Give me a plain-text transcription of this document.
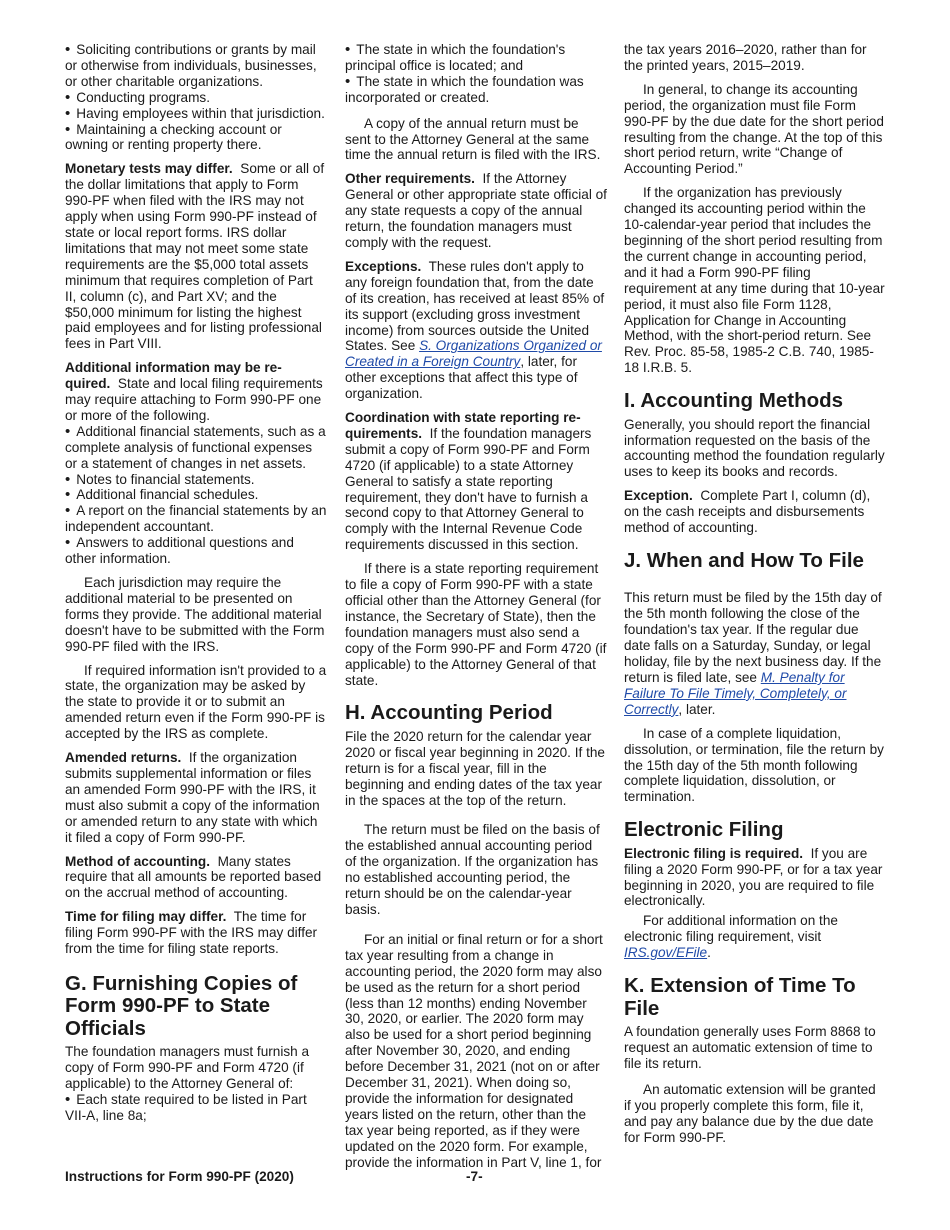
• Soliciting contributions or grants by mail or otherwise from individuals, businesses, or other charitable organizations.

• Conducting programs.

• Having employees within that jurisdiction.

• Maintaining a checking account or owning or renting property there.

Monetary tests may differ. Some or all of the dollar limitations that apply to Form 990-PF when filed with the IRS may not apply when using Form 990-PF instead of state or local report forms. IRS dollar limitations that may not meet some state requirements are the $5,000 total assets minimum that requires completion of Part II, column (c), and Part XV; and the $50,000 minimum for listing the highest paid employees and for listing professional fees in Part VIII.

Additional information may be re-quired. State and local filing requirements may require attaching to Form 990-PF one or more of the following.

• Additional financial statements, such as a complete analysis of functional expenses or a statement of changes in net assets.

• Notes to financial statements.

• Additional financial schedules.

• A report on the financial statements by an independent accountant.

• Answers to additional questions and other information.

Each jurisdiction may require the additional material to be presented on forms they provide. The additional material doesn't have to be submitted with the Form 990-PF filed with the IRS.

If required information isn't provided to a state, the organization may be asked by the state to provide it or to submit an amended return even if the Form 990-PF is accepted by the IRS as complete.

Amended returns. If the organization submits supplemental information or files an amended Form 990-PF with the IRS, it must also submit a copy of the information or amended return to any state with which it filed a copy of Form 990-PF.

Method of accounting. Many states require that all amounts be reported based on the accrual method of accounting.

Time for filing may differ. The time for filing Form 990-PF with the IRS may differ from the time for filing state reports.

G. Furnishing Copies of Form 990-PF to State Officials

The foundation managers must furnish a copy of Form 990-PF and Form 4720 (if applicable) to the Attorney General of:

• Each state required to be listed in Part VII-A, line 8a;

• The state in which the foundation's principal office is located; and

• The state in which the foundation was incorporated or created.

A copy of the annual return must be sent to the Attorney General at the same time the annual return is filed with the IRS.

Other requirements. If the Attorney General or other appropriate state official of any state requests a copy of the annual return, the foundation managers must comply with the request.

Exceptions. These rules don't apply to any foreign foundation that, from the date of its creation, has received at least 85% of its support (excluding gross investment income) from sources outside the United States. See S. Organizations Organized or Created in a Foreign Country, later, for other exceptions that affect this type of organization.

Coordination with state reporting re-quirements. If the foundation managers submit a copy of Form 990-PF and Form 4720 (if applicable) to a state Attorney General to satisfy a state reporting requirement, they don't have to furnish a second copy to that Attorney General to comply with the Internal Revenue Code requirements discussed in this section.

If there is a state reporting requirement to file a copy of Form 990-PF with a state official other than the Attorney General (for instance, the Secretary of State), then the foundation managers must also send a copy of the Form 990-PF and Form 4720 (if applicable) to the Attorney General of that state.

H. Accounting Period

File the 2020 return for the calendar year 2020 or fiscal year beginning in 2020. If the return is for a fiscal year, fill in the beginning and ending dates of the tax year in the spaces at the top of the return.

The return must be filed on the basis of the established annual accounting period of the organization. If the organization has no established accounting period, the return should be on the calendar-year basis.

For an initial or final return or for a short tax year resulting from a change in accounting period, the 2020 form may also be used as the return for a short period (less than 12 months) ending November 30, 2020, or earlier. The 2020 form may also be used for a short period beginning after November 30, 2020, and ending before December 31, 2021 (not on or after December 31, 2021). When doing so, provide the information for designated years listed on the return, other than the tax year being reported, as if they were updated on the 2020 form. For example, provide the information in Part V, line 1, for

the tax years 2016–2020, rather than for the printed years, 2015–2019.

In general, to change its accounting period, the organization must file Form 990-PF by the due date for the short period resulting from the change. At the top of this short period return, write “Change of Accounting Period.”

If the organization has previously changed its accounting period within the 10-calendar-year period that includes the beginning of the short period resulting from the current change in accounting period, and it had a Form 990-PF filing requirement at any time during that 10-year period, it must also file Form 1128, Application for Change in Accounting Method, with the short-period return. See Rev. Proc. 85-58, 1985-2 C.B. 740, 1985-18 I.R.B. 5.

I. Accounting Methods

Generally, you should report the financial information requested on the basis of the accounting method the foundation regularly uses to keep its books and records.

Exception. Complete Part I, column (d), on the cash receipts and disbursements method of accounting.

J. When and How To File

This return must be filed by the 15th day of the 5th month following the close of the foundation's tax year. If the regular due date falls on a Saturday, Sunday, or legal holiday, file by the next business day. If the return is filed late, see M. Penalty for Failure To File Timely, Completely, or Correctly, later.

In case of a complete liquidation, dissolution, or termination, file the return by the 15th day of the 5th month following complete liquidation, dissolution, or termination.

Electronic Filing

Electronic filing is required. If you are filing a 2020 Form 990-PF, or for a tax year beginning in 2020, you are required to file electronically.

For additional information on the electronic filing requirement, visit IRS.gov/EFile.

K. Extension of Time To File

A foundation generally uses Form 8868 to request an automatic extension of time to file its return.

An automatic extension will be granted if you properly complete this form, file it, and pay any balance due by the due date for Form 990-PF.

Instructions for Form 990-PF (2020)	-7-
